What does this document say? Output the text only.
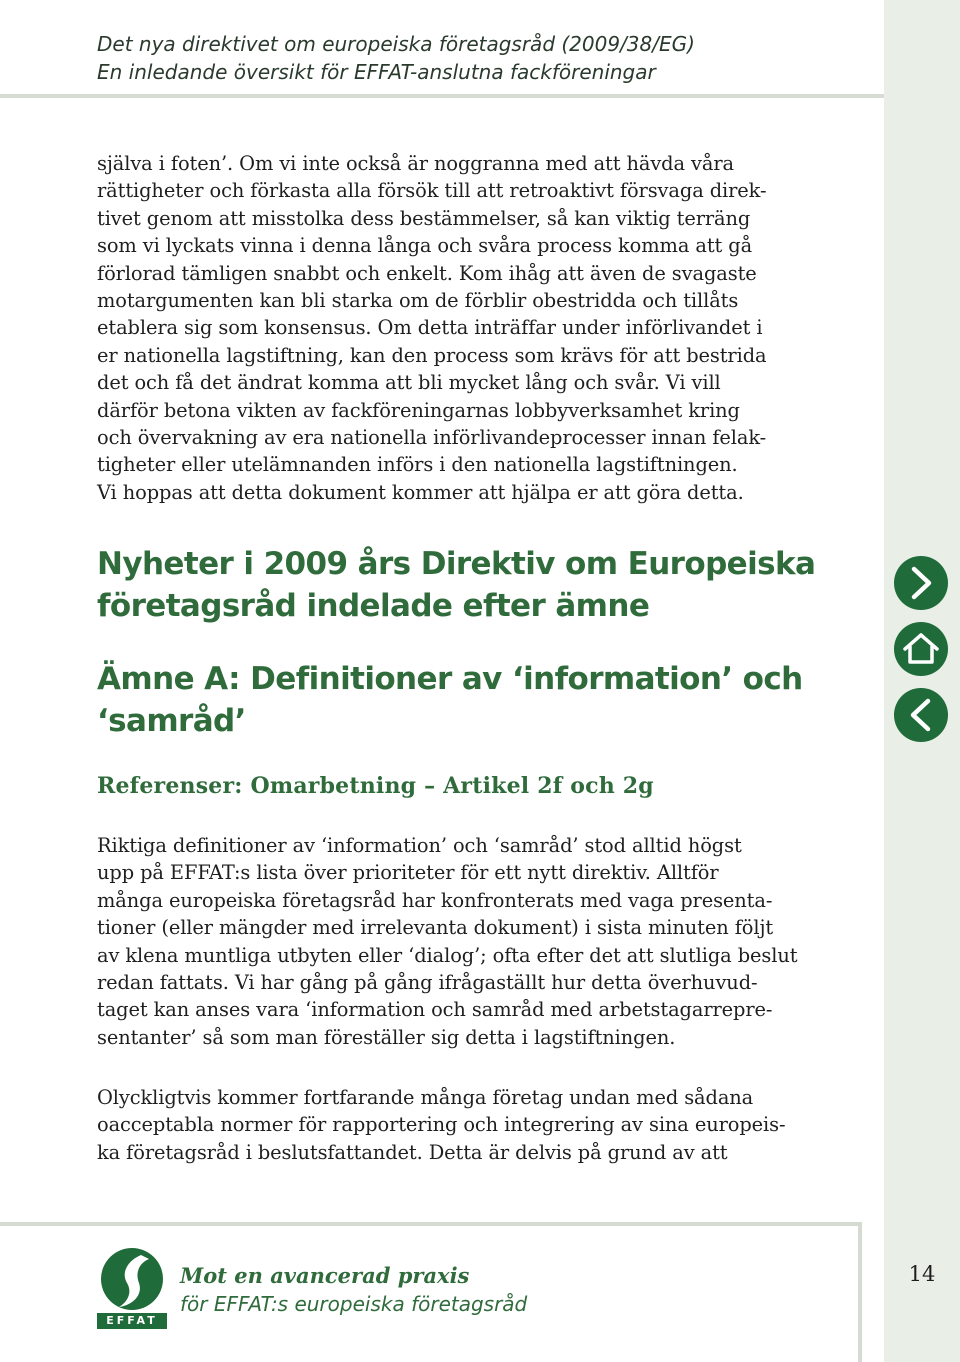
Det nya direktivet om europeiska företagsråd (2009/38/EG)
En inledande översikt för EFFAT-anslutna fackföreningar
själva i foten’. Om vi inte också är noggranna med att hävda våra
rättigheter och förkasta alla försök till att retroaktivt försvaga direk-
tivet genom att misstolka dess bestämmelser, så kan viktig terräng
som vi lyckats vinna i denna långa och svåra process komma att gå
förlorad tämligen snabbt och enkelt. Kom ihåg att även de svagaste
motargumenten kan bli starka om de förblir obestridda och tillåts
etablera sig som konsensus. Om detta inträffar under införlivandet i
er nationella lagstiftning, kan den process som krävs för att bestrida
det och få det ändrat komma att bli mycket lång och svår. Vi vill
därför betona vikten av fackföreningarnas lobbyverksamhet kring
och övervakning av era nationella införlivandeprocesser innan felak-
tigheter eller utelämnanden införs i den nationella lagstiftningen.
Vi hoppas att detta dokument kommer att hjälpa er att göra detta.
Nyheter i 2009 års Direktiv om Europeiska
företagsråd indelade efter ämne
Ämne A: Definitioner av ‘information’ och
‘samråd’
Referenser: Omarbetning – Artikel 2f och 2g
Riktiga definitioner av ‘information’ och ‘samråd’ stod alltid högst
upp på EFFAT:s lista över prioriteter för ett nytt direktiv. Alltför
många europeiska företagsråd har konfronterats med vaga presenta-
tioner (eller mängder med irrelevanta dokument) i sista minuten följt
av klena muntliga utbyten eller ‘dialog’; ofta efter det att slutliga beslut
redan fattats. Vi har gång på gång ifrågaställt hur detta överhuvud-
taget kan anses vara ‘information och samråd med arbetstagarrepre-
sentanter’ så som man föreställer sig detta i lagstiftningen.
Olyckligtvis kommer fortfarande många företag undan med sådana
oacceptabla normer för rapportering och integrering av sina europeis-
ka företagsråd i beslutsfattandet. Detta är delvis på grund av att
EFFAT
Mot en avancerad praxis
för EFFAT:s europeiska företagsråd
14
